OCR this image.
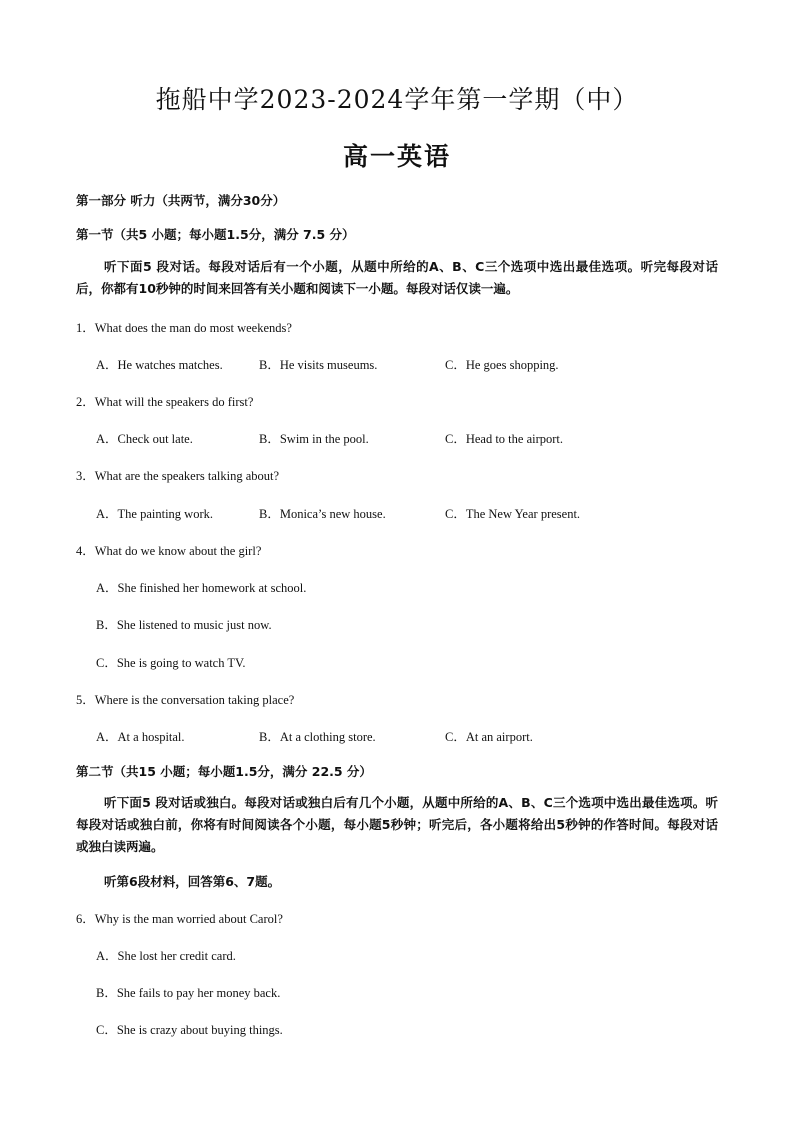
拖船中学2023-2024学年第一学期（中）
高一英语
第一部分 听力（共两节，满分30分）
第一节（共5 小题；每小题1.5分，满分 7.5 分）
听下面5 段对话。每段对话后有一个小题，从题中所给的A、B、C三个选项中选出最佳选项。听完每段对话后，你都有10秒钟的时间来回答有关小题和阅读下一小题。每段对话仅读一遍。
1．What does the man do most weekends?
A．He watches matches.	B．He visits museums.	C．He goes shopping.
2．What will the speakers do first?
A．Check out late.	B．Swim in the pool.	C．Head to the airport.
3．What are the speakers talking about?
A．The painting work.	B．Monica’s new house.	C．The New Year present.
4．What do we know about the girl?
A．She finished her homework at school.
B．She listened to music just now.
C．She is going to watch TV.
5．Where is the conversation taking place?
A．At a hospital.	B．At a clothing store.	C．At an airport.
第二节（共15 小题；每小题1.5分，满分 22.5 分）
听下面5 段对话或独白。每段对话或独白后有几个小题，从题中所给的A、B、C三个选项中选出最佳选项。听每段对话或独白前，你将有时间阅读各个小题，每小题5秒钟；听完后，各小题将给出5秒钟的作答时间。每段对话或独白读两遍。
听第6段材料，回答第6、7题。
6．Why is the man worried about Carol?
A．She lost her credit card.
B．She fails to pay her money back.
C．She is crazy about buying things.
